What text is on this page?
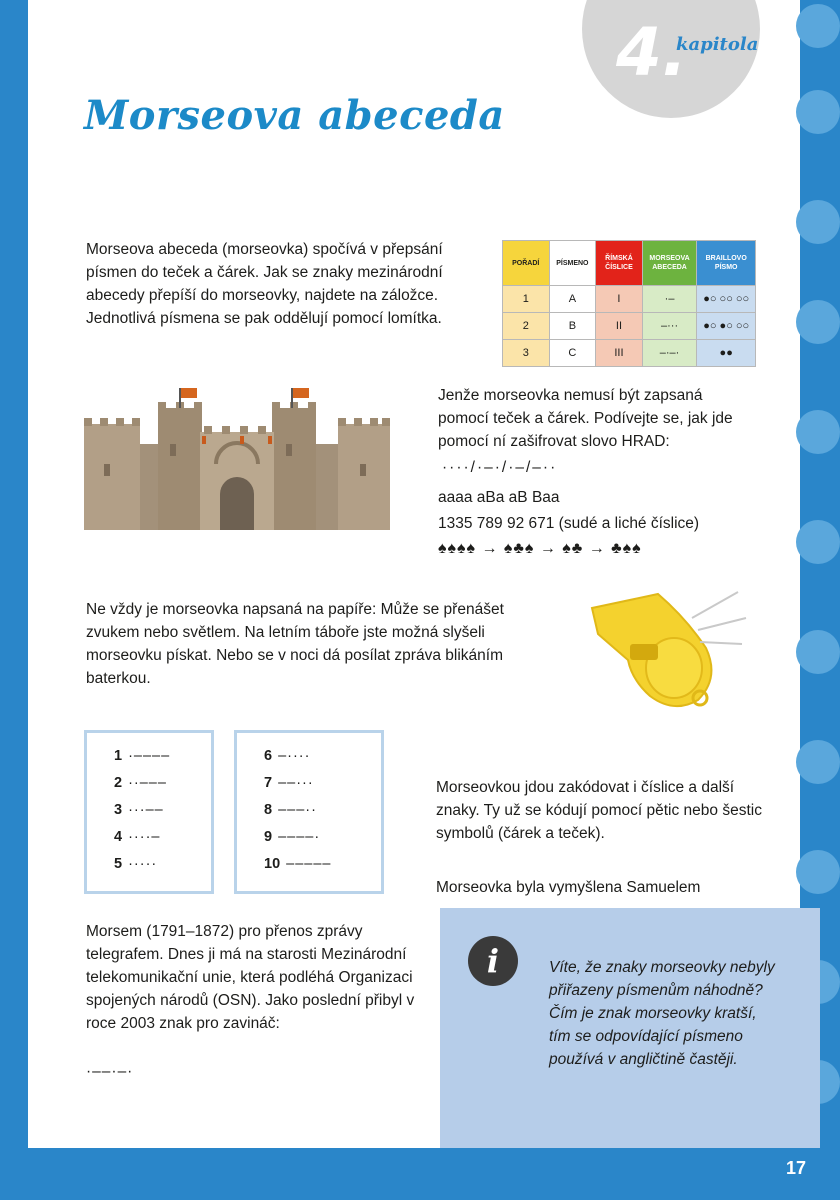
4.
kapitola
Morseova abeceda

Morseova abeceda (morseovka) spočívá v přepsání písmen do teček a čárek. Jak se znaky mezinárodní abecedy přepíší do morseovky, najdete na záložce. Jednotlivá písmena se pak oddělují pomocí lomítka.

POŘADÍ	PÍSMENO	ŘÍMSKÁ ČÍSLICE	MORSEOVA ABECEDA	BRAILLOVO PÍSMO
1	A	I	·–	●○ ○○ ○○
2	B	II	–···	●○ ●○ ○○
3	C	III	–·–·	●●

Jenže morseovka nemusí být zapsaná pomocí teček a čárek. Podívejte se, jak jde pomocí ní zašifrovat slovo HRAD:

····/·–·/·–/–··
aaaa aBa aB Baa
1335 789 92 671 (sudé a liché číslice)
♠♠♠♠ → ♠♣♠ → ♠♣ → ♣♠♠

Ne vždy je morseovka napsaná na papíře: Může se přenášet zvukem nebo světlem. Na letním táboře jste možná slyšeli morseovku pískat. Nebo se v noci dá posílat zpráva blikáním baterkou.

1 ·––––
2 ··–––
3 ···––
4 ····–
5 ·····
6 –····
7 ––···
8 –––··
9 ––––·
10 –––––

Morseovkou jdou zakódovat i číslice a další znaky. Ty už se kódují pomocí pětic nebo šestic symbolů (čárek a teček).

Morseovka byla vymyšlena Samuelem

Morsem (1791–1872) pro přenos zprávy telegrafem. Dnes ji má na starosti Mezinárodní telekomunikační unie, která podléhá Organizaci spojených národů (OSN). Jako poslední přibyl v roce 2003 znak pro zavináč:

·––·–·
i	Víte, že znaky morseovky nebyly přiřazeny písmenům náhodně? Čím je znak morseovky kratší, tím se odpovídající písmeno používá v angličtině častěji.

17
